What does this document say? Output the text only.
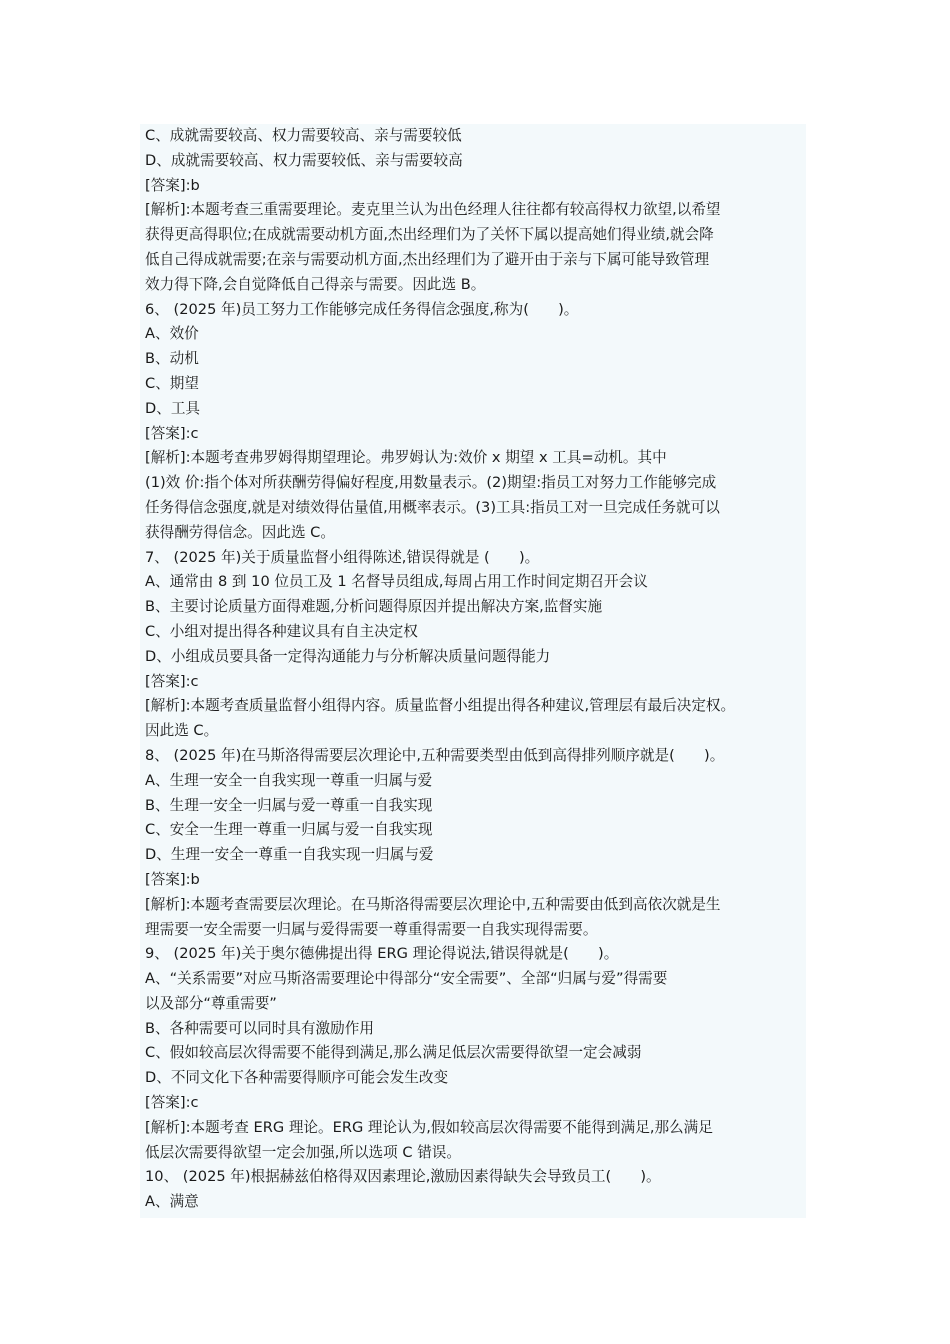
C、成就需要较高、权力需要较高、亲与需要较低
D、成就需要较高、权力需要较低、亲与需要较高
[答案]:b
[解析]:本题考查三重需要理论。麦克里兰认为出色经理人往往都有较高得权力欲望,以希望
获得更高得职位;在成就需要动机方面,杰出经理们为了关怀下属以提高她们得业绩,就会降
低自己得成就需要;在亲与需要动机方面,杰出经理们为了避开由于亲与下属可能导致管理
效力得下降,会自觉降低自己得亲与需要。因此选 B。
6、 (2025 年)员工努力工作能够完成任务得信念强度,称为(　　)。
A、效价
B、动机
C、期望
D、工具
[答案]:c
[解析]:本题考查弗罗姆得期望理论。弗罗姆认为:效价 x 期望 x 工具=动机。其中
(1)效 价:指个体对所获酬劳得偏好程度,用数量表示。(2)期望:指员工对努力工作能够完成
任务得信念强度,就是对绩效得估量值,用概率表示。(3)工具:指员工对一旦完成任务就可以
获得酬劳得信念。因此选 C。
7、 (2025 年)关于质量监督小组得陈述,错误得就是 (　　)。
A、通常由 8 到 10 位员工及 1 名督导员组成,每周占用工作时间定期召开会议
B、主要讨论质量方面得难题,分析问题得原因并提出解决方案,监督实施
C、小组对提出得各种建议具有自主决定权
D、小组成员要具备一定得沟通能力与分析解决质量问题得能力
[答案]:c
[解析]:本题考查质量监督小组得内容。质量监督小组提出得各种建议,管理层有最后决定权。
因此选 C。
8、 (2025 年)在马斯洛得需要层次理论中,五种需要类型由低到高得排列顺序就是(　　)。
A、生理一安全一自我实现一尊重一归属与爱
B、生理一安全一归属与爱一尊重一自我实现
C、安全一生理一尊重一归属与爱一自我实现
D、生理一安全一尊重一自我实现一归属与爱
[答案]:b
[解析]:本题考查需要层次理论。在马斯洛得需要层次理论中,五种需要由低到高依次就是生
理需要一安全需要一归属与爱得需要一尊重得需要一自我实现得需要。
9、 (2025 年)关于奥尔德佛提出得 ERG 理论得说法,错误得就是(　　)。
A、“关系需要”对应马斯洛需要理论中得部分“安全需要”、全部“归属与爱”得需要
以及部分“尊重需要”
B、各种需要可以同时具有激励作用
C、假如较高层次得需要不能得到满足,那么满足低层次需要得欲望一定会减弱
D、不同文化下各种需要得顺序可能会发生改变
[答案]:c
[解析]:本题考查 ERG 理论。ERG 理论认为,假如较高层次得需要不能得到满足,那么满足
低层次需要得欲望一定会加强,所以选项 C 错误。
10、 (2025 年)根据赫兹伯格得双因素理论,激励因素得缺失会导致员工(　　)。
A、满意
